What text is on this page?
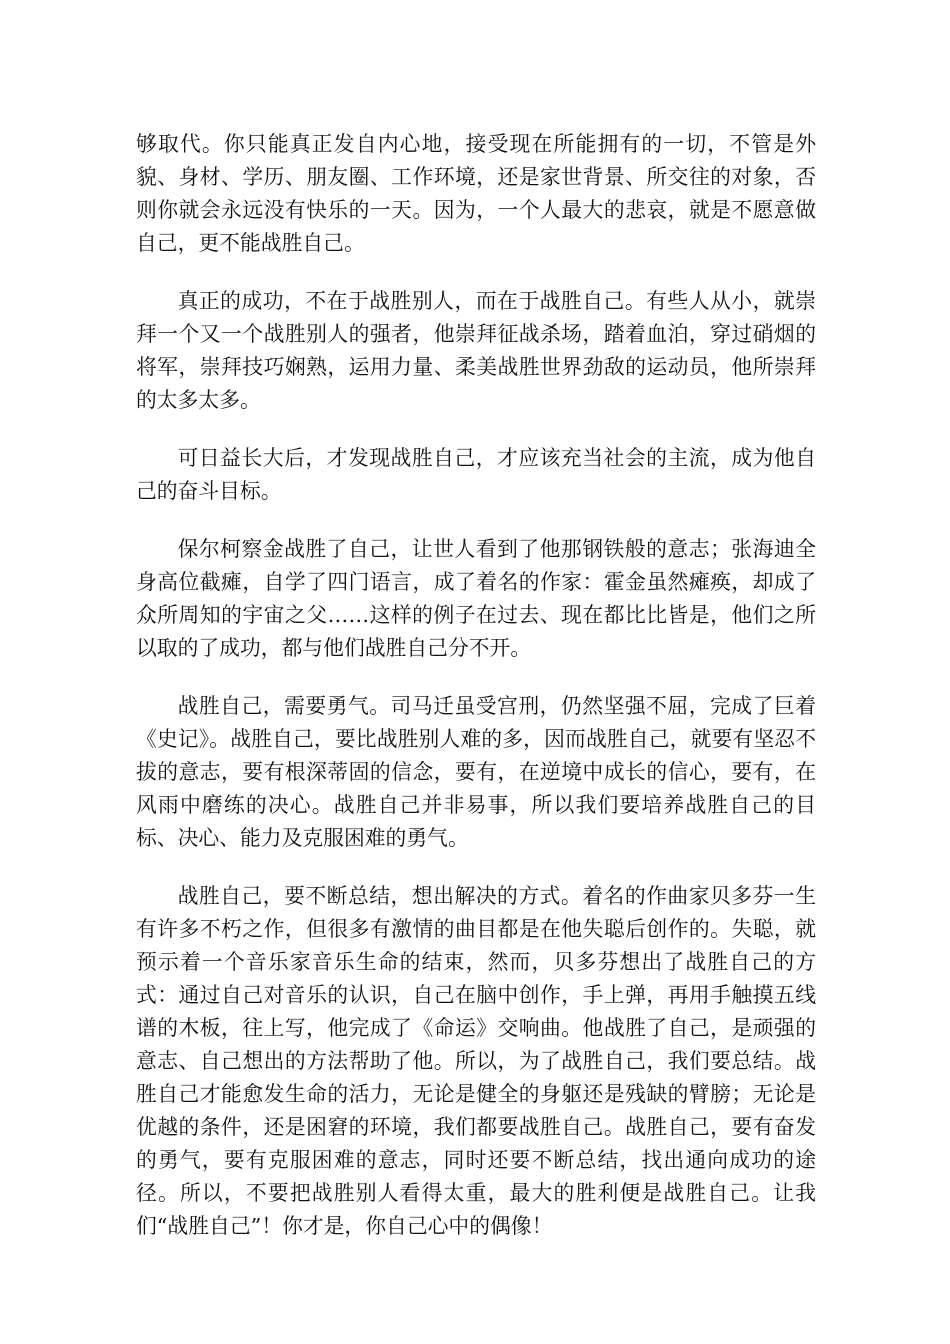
够取代。你只能真正发自内心地，接受现在所能拥有的一切，不管是外貌、身材、学历、朋友圈、工作环境，还是家世背景、所交往的对象，否则你就会永远没有快乐的一天。因为，一个人最大的悲哀，就是不愿意做自己，更不能战胜自己。

真正的成功，不在于战胜别人，而在于战胜自己。有些人从小，就崇拜一个又一个战胜别人的强者，他崇拜征战杀场，踏着血泊，穿过硝烟的将军，崇拜技巧娴熟，运用力量、柔美战胜世界劲敌的运动员，他所崇拜的太多太多。

可日益长大后，才发现战胜自己，才应该充当社会的主流，成为他自己的奋斗目标。

保尔柯察金战胜了自己，让世人看到了他那钢铁般的意志；张海迪全身高位截瘫，自学了四门语言，成了着名的作家：霍金虽然瘫痪，却成了众所周知的宇宙之父……这样的例子在过去、现在都比比皆是，他们之所以取的了成功，都与他们战胜自己分不开。

战胜自己，需要勇气。司马迁虽受宫刑，仍然坚强不屈，完成了巨着《史记》。战胜自己，要比战胜别人难的多，因而战胜自己，就要有坚忍不拔的意志，要有根深蒂固的信念，要有，在逆境中成长的信心，要有，在风雨中磨练的决心。战胜自己并非易事，所以我们要培养战胜自己的目标、决心、能力及克服困难的勇气。

战胜自己，要不断总结，想出解决的方式。着名的作曲家贝多芬一生有许多不朽之作，但很多有激情的曲目都是在他失聪后创作的。失聪，就预示着一个音乐家音乐生命的结束，然而，贝多芬想出了战胜自己的方式：通过自己对音乐的认识，自己在脑中创作，手上弹，再用手触摸五线谱的木板，往上写，他完成了《命运》交响曲。他战胜了自己，是顽强的意志、自己想出的方法帮助了他。所以，为了战胜自己，我们要总结。战胜自己才能愈发生命的活力，无论是健全的身躯还是残缺的臂膀；无论是优越的条件，还是困窘的环境，我们都要战胜自己。战胜自己，要有奋发的勇气，要有克服困难的意志，同时还要不断总结，找出通向成功的途径。所以，不要把战胜别人看得太重，最大的胜利便是战胜自己。让我们“战胜自己”！你才是，你自己心中的偶像！
